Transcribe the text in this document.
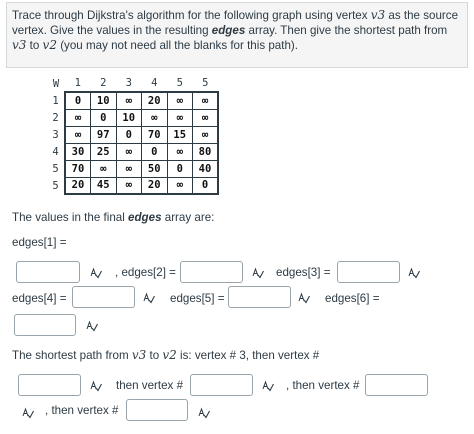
Trace through Dijkstra's algorithm for the following graph using vertex v3 as the source vertex. Give the values in the resulting edges array. Then give the shortest path from v3 to v2 (you may not need all the blanks for this path).
W	1	2	3	4	5	5
1	0	10	∞	20	∞	∞
2	∞	0	10	∞	∞	∞
3	∞	97	0	70	15	∞
4	30	25	∞	0	∞	80
5	70	∞	∞	50	0	40
5	20	45	∞	20	∞	0
The values in the final edges array are:
edges[1] =
, edges[2] =	edges[3] =
edges[4] =	edges[5] =	edges[6] =
The shortest path from v3 to v2 is: vertex # 3, then vertex #
then vertex #	, then vertex #
, then vertex #
